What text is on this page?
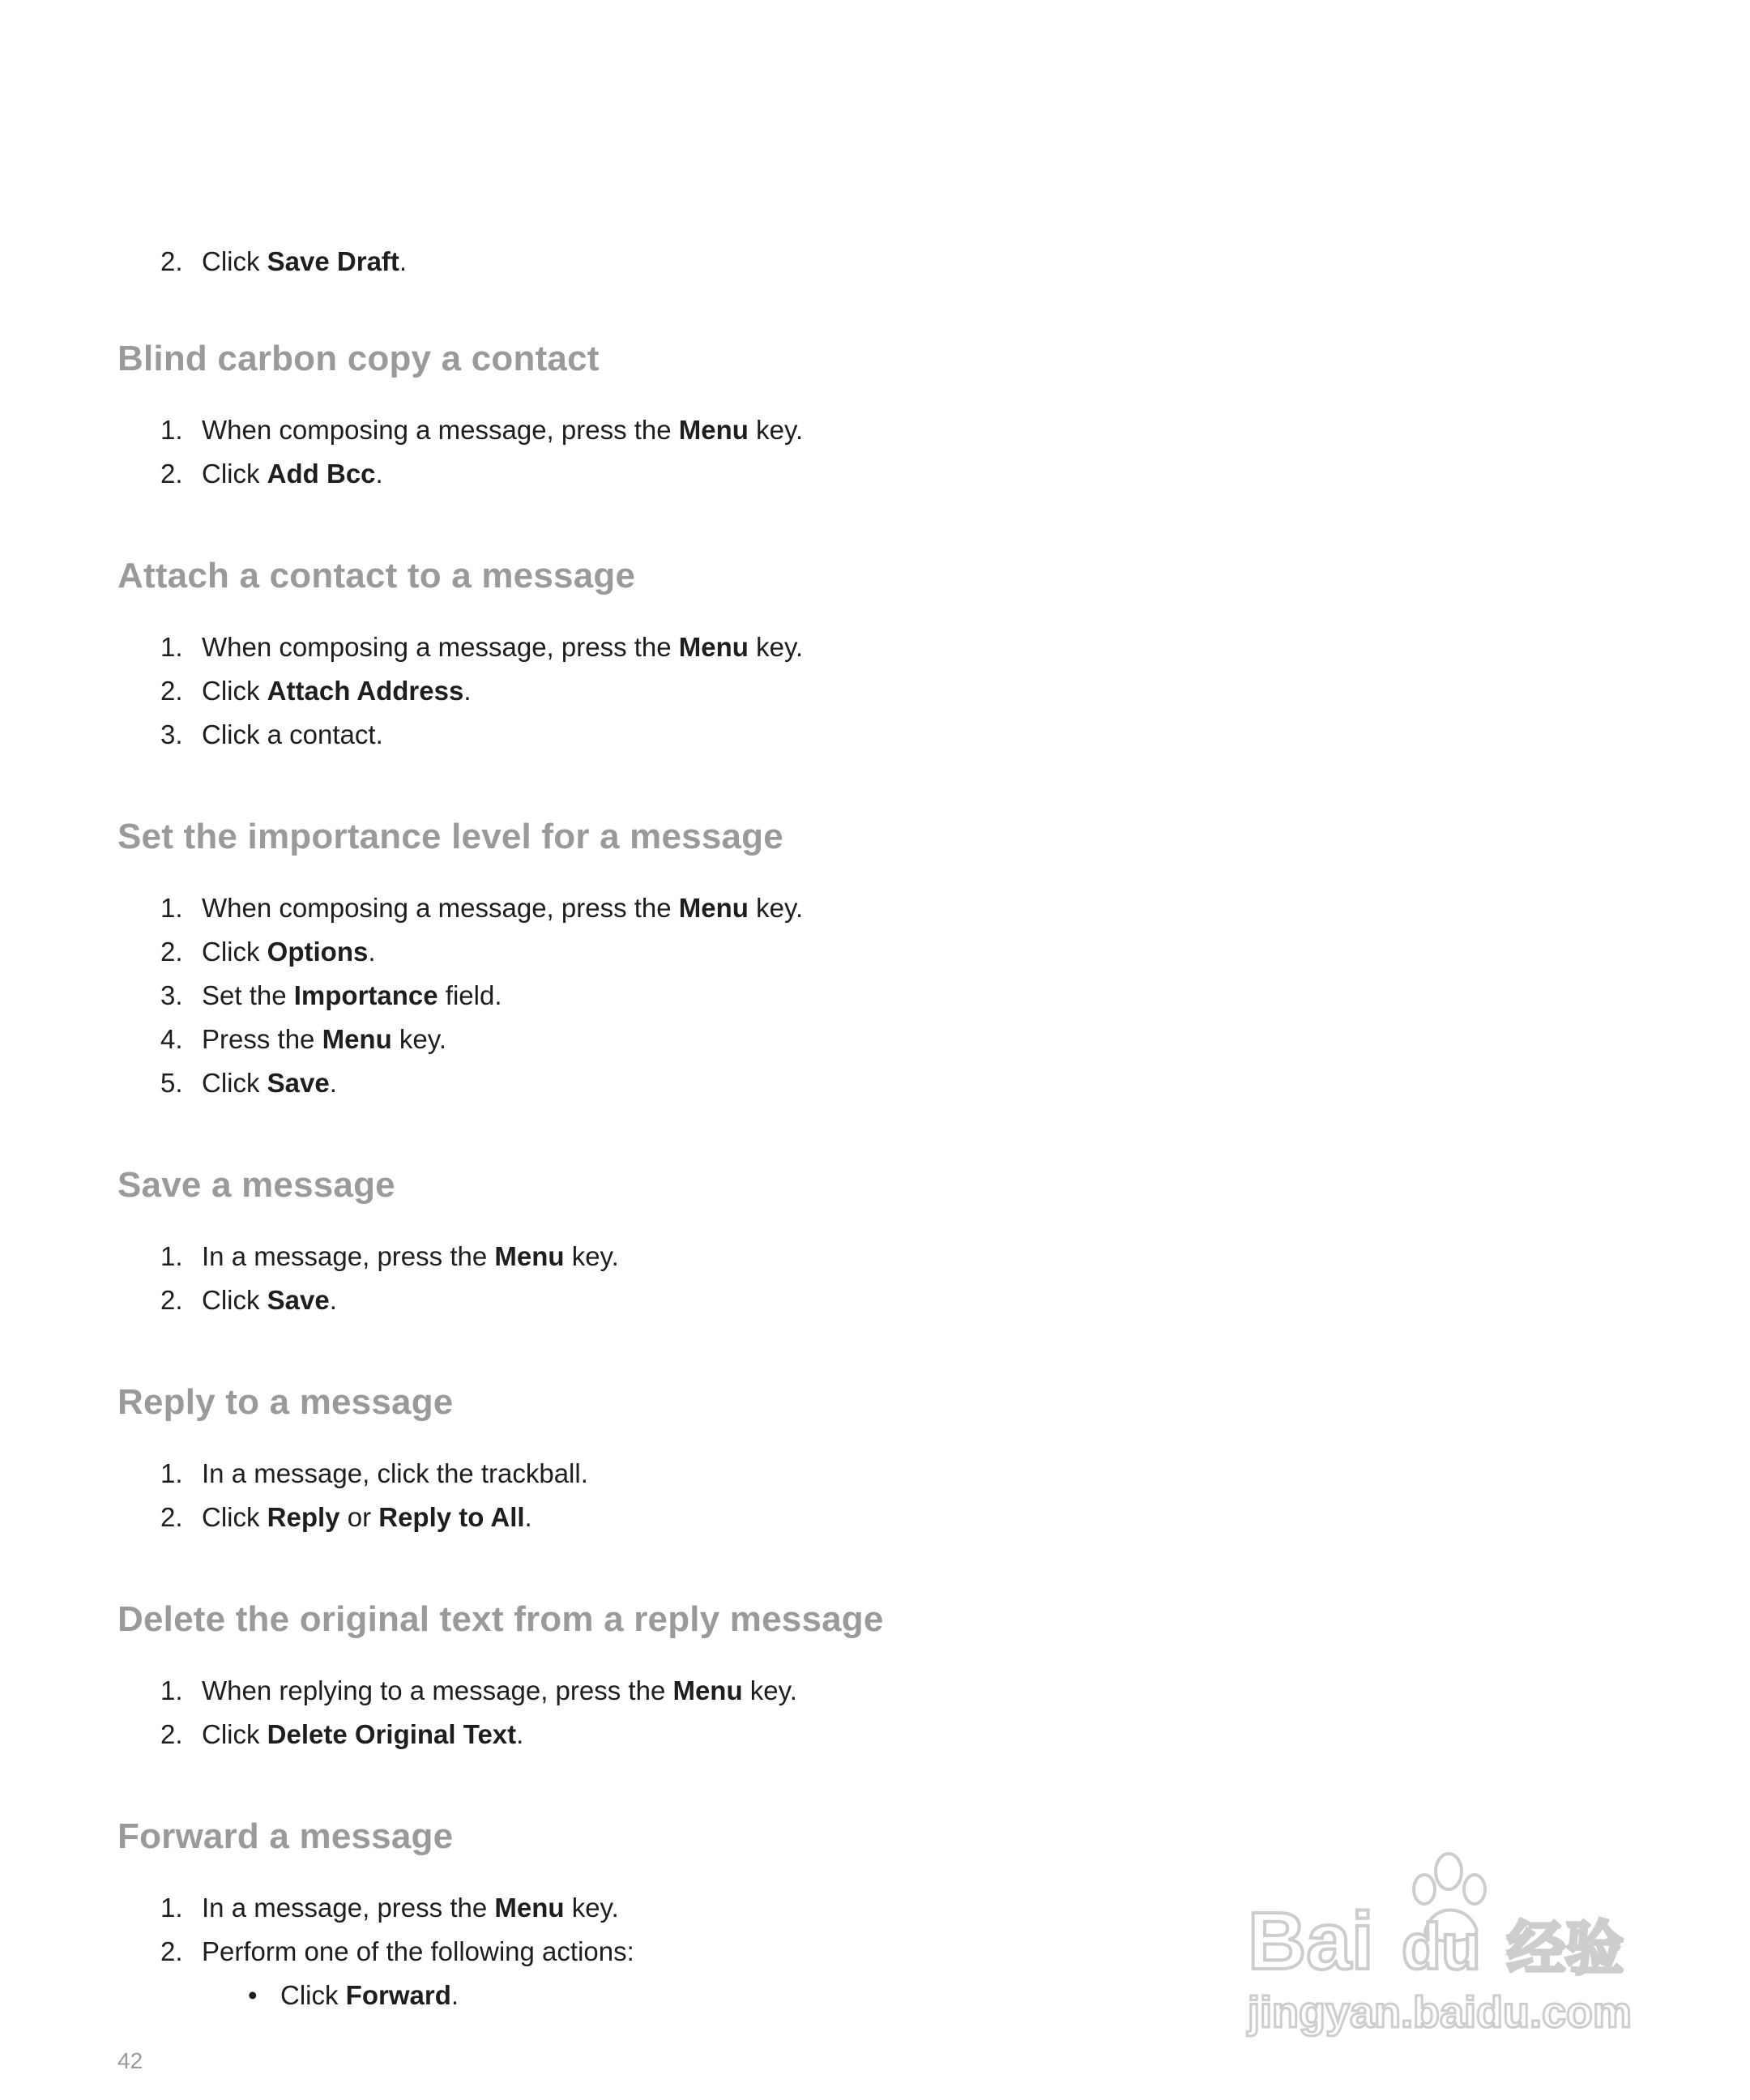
2. Click Save Draft.
Blind carbon copy a contact
1. When composing a message, press the Menu key.
2. Click Add Bcc.
Attach a contact to a message
1. When composing a message, press the Menu key.
2. Click Attach Address.
3. Click a contact.
Set the importance level for a message
1. When composing a message, press the Menu key.
2. Click Options.
3. Set the Importance field.
4. Press the Menu key.
5. Click Save.
Save a message
1. In a message, press the Menu key.
2. Click Save.
Reply to a message
1. In a message, click the trackball.
2. Click Reply or Reply to All.
Delete the original text from a reply message
1. When replying to a message, press the Menu key.
2. Click Delete Original Text.
Forward a message
1. In a message, press the Menu key.
2. Perform one of the following actions:
• Click Forward.
42
Bai du 经验
jingyan.baidu.com
